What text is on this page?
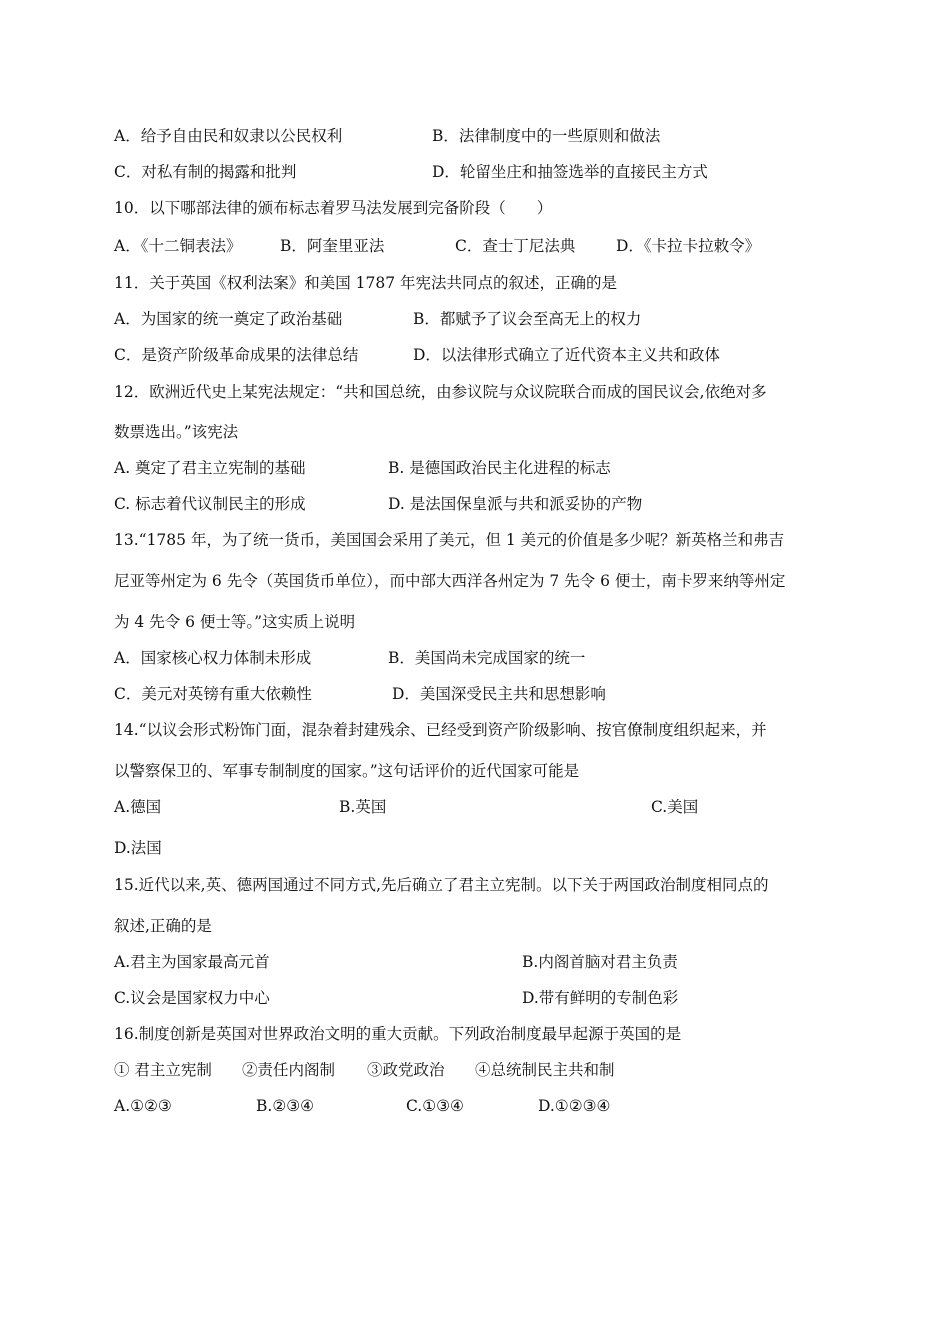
A．给予自由民和奴隶以公民权利	B．法律制度中的一些原则和做法
C．对私有制的揭露和批判	D．轮留坐庄和抽签选举的直接民主方式
10．以下哪部法律的颁布标志着罗马法发展到完备阶段（　　）
A．《十二铜表法》 B．阿奎里亚法	C．查士丁尼法典	D．《卡拉卡拉敕令》
11．关于英国《权利法案》和美国 1787 年宪法共同点的叙述，正确的是
A．为国家的统一奠定了政治基础	B．都赋予了议会至高无上的权力
C．是资产阶级革命成果的法律总结	D．以法律形式确立了近代资本主义共和政体
12．欧洲近代史上某宪法规定：“共和国总统，由参议院与众议院联合而成的国民议会,依绝对多
数票选出。”该宪法
A. 奠定了君主立宪制的基础	B. 是德国政治民主化进程的标志
C. 标志着代议制民主的形成	D. 是法国保皇派与共和派妥协的产物
13.“1785 年，为了统一货币，美国国会采用了美元，但 1 美元的价值是多少呢？新英格兰和弗吉
尼亚等州定为 6 先令（英国货币单位），而中部大西洋各州定为 7 先令 6 便士，南卡罗来纳等州定
为 4 先令 6 便士等。”这实质上说明
A．国家核心权力体制未形成	B．美国尚未完成国家的统一
C．美元对英镑有重大依赖性	D．美国深受民主共和思想影响
14.“以议会形式粉饰门面，混杂着封建残余、已经受到资产阶级影响、按官僚制度组织起来，并
以警察保卫的、军事专制制度的国家。”这句话评价的近代国家可能是
A.德国	B.英国	C.美国
D.法国
15.近代以来,英、德两国通过不同方式,先后确立了君主立宪制。以下关于两国政治制度相同点的
叙述,正确的是
A.君主为国家最高元首	B.内阁首脑对君主负责
C.议会是国家权力中心	D.带有鲜明的专制色彩
16.制度创新是英国对世界政治文明的重大贡献。下列政治制度最早起源于英国的是
① 君主立宪制 ②责任内阁制 ③政党政治 ④总统制民主共和制
A.①②③	B.②③④	C.①③④	D.①②③④
